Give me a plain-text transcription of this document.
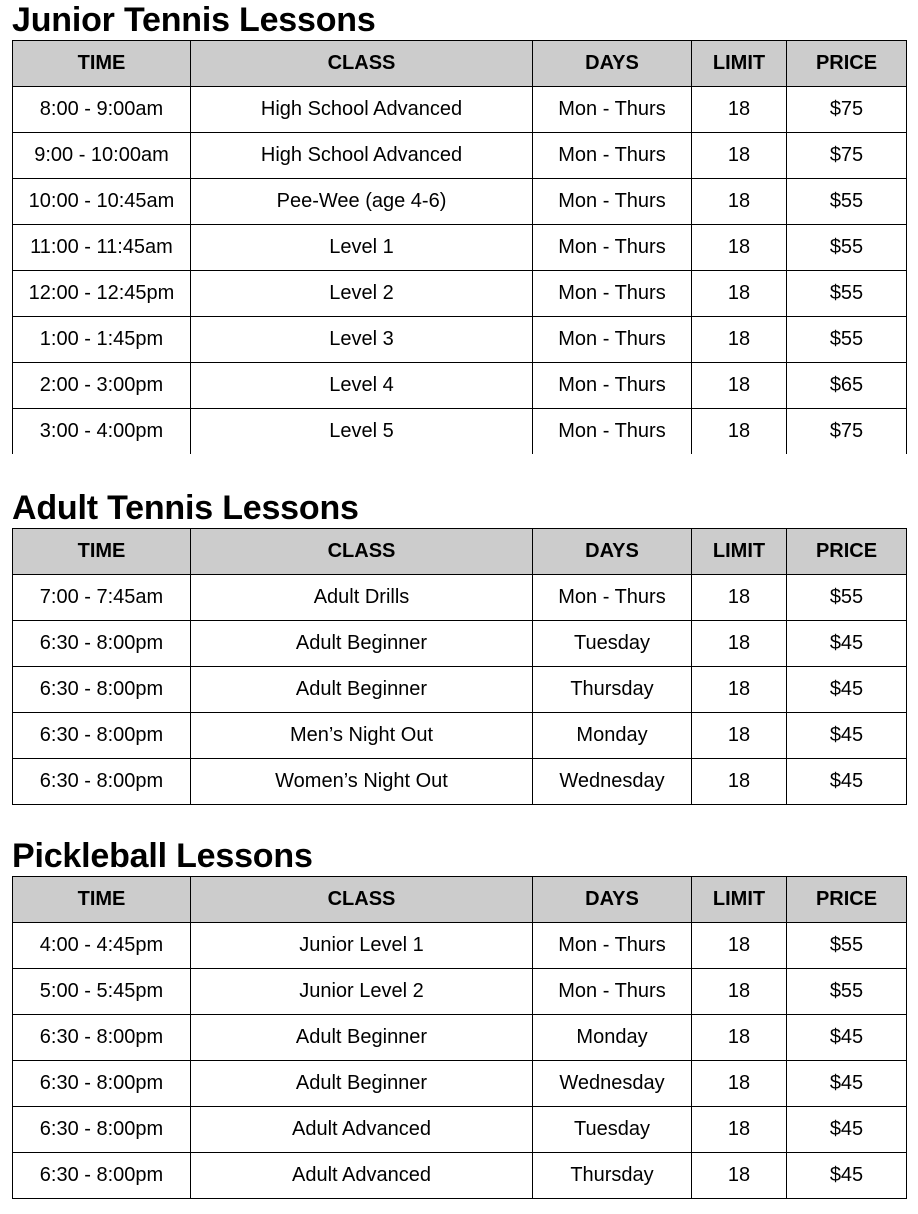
Junior Tennis Lessons
TIME	CLASS	DAYS	LIMIT	PRICE
8:00 - 9:00am	High School Advanced	Mon - Thurs	18	$75
9:00 - 10:00am	High School Advanced	Mon - Thurs	18	$75
10:00 - 10:45am	Pee-Wee (age 4-6)	Mon - Thurs	18	$55
11:00 - 11:45am	Level 1	Mon - Thurs	18	$55
12:00 - 12:45pm	Level 2	Mon - Thurs	18	$55
1:00 - 1:45pm	Level 3	Mon - Thurs	18	$55
2:00 - 3:00pm	Level 4	Mon - Thurs	18	$65
3:00 - 4:00pm	Level 5	Mon - Thurs	18	$75
Adult Tennis Lessons
TIME	CLASS	DAYS	LIMIT	PRICE
7:00 - 7:45am	Adult Drills	Mon - Thurs	18	$55
6:30 - 8:00pm	Adult Beginner	Tuesday	18	$45
6:30 - 8:00pm	Adult Beginner	Thursday	18	$45
6:30 - 8:00pm	Men’s Night Out	Monday	18	$45
6:30 - 8:00pm	Women’s Night Out	Wednesday	18	$45
Pickleball Lessons
TIME	CLASS	DAYS	LIMIT	PRICE
4:00 - 4:45pm	Junior Level 1	Mon - Thurs	18	$55
5:00 - 5:45pm	Junior Level 2	Mon - Thurs	18	$55
6:30 - 8:00pm	Adult Beginner	Monday	18	$45
6:30 - 8:00pm	Adult Beginner	Wednesday	18	$45
6:30 - 8:00pm	Adult Advanced	Tuesday	18	$45
6:30 - 8:00pm	Adult Advanced	Thursday	18	$45
